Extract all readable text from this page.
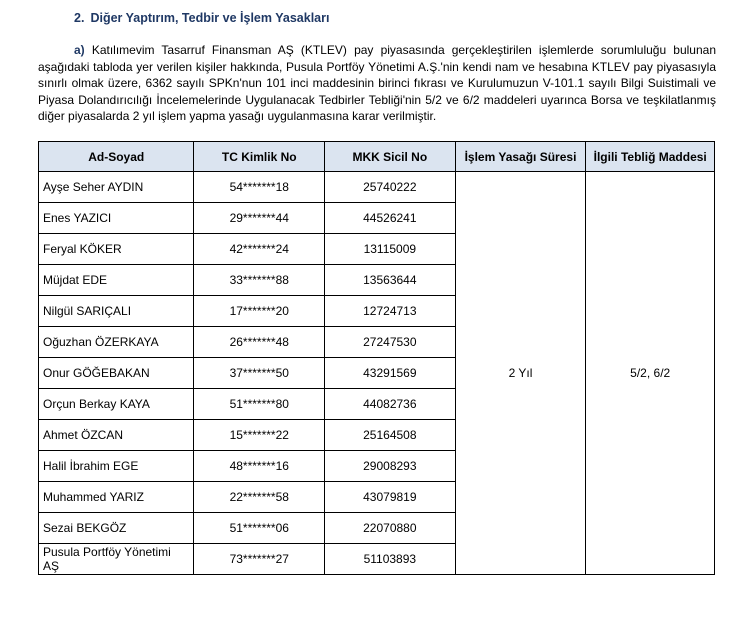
2. Diğer Yaptırım, Tedbir ve İşlem Yasakları
a) Katılımevim Tasarruf Finansman AŞ (KTLEV) pay piyasasında gerçekleştirilen işlemlerde sorumluluğu bulunan
aşağıdaki tabloda yer verilen kişiler hakkında, Pusula Portföy Yönetimi A.Ş.'nin kendi nam ve hesabına KTLEV pay piyasasıyla
sınırlı olmak üzere, 6362 sayılı SPKn'nun 101 inci maddesinin birinci fıkrası ve Kurulumuzun V-101.1 sayılı Bilgi Suistimali ve
Piyasa Dolandırıcılığı İncelemelerinde Uygulanacak Tedbirler Tebliği'nin 5/2 ve 6/2 maddeleri uyarınca Borsa ve teşkilatlanmış
diğer piyasalarda 2 yıl işlem yapma yasağı uygulanmasına karar verilmiştir.
Ad-Soyad	TC Kimlik No	MKK Sicil No	İşlem Yasağı Süresi	İlgili Tebliğ Maddesi
Ayşe Seher AYDIN	54*******18	25740222	2 Yıl	5/2, 6/2
Enes YAZICI	29*******44	44526241		
Feryal KÖKER	42*******24	13115009		
Müjdat EDE	33*******88	13563644		
Nilgül SARIÇALI	17*******20	12724713		
Oğuzhan ÖZERKAYA	26*******48	27247530		
Onur GÖĞEBAKAN	37*******50	43291569		
Orçun Berkay KAYA	51*******80	44082736		
Ahmet ÖZCAN	15*******22	25164508		
Halil İbrahim EGE	48*******16	29008293		
Muhammed YARIZ	22*******58	43079819		
Sezai BEKGÖZ	51*******06	22070880		
Pusula Portföy Yönetimi AŞ	73*******27	51103893		
